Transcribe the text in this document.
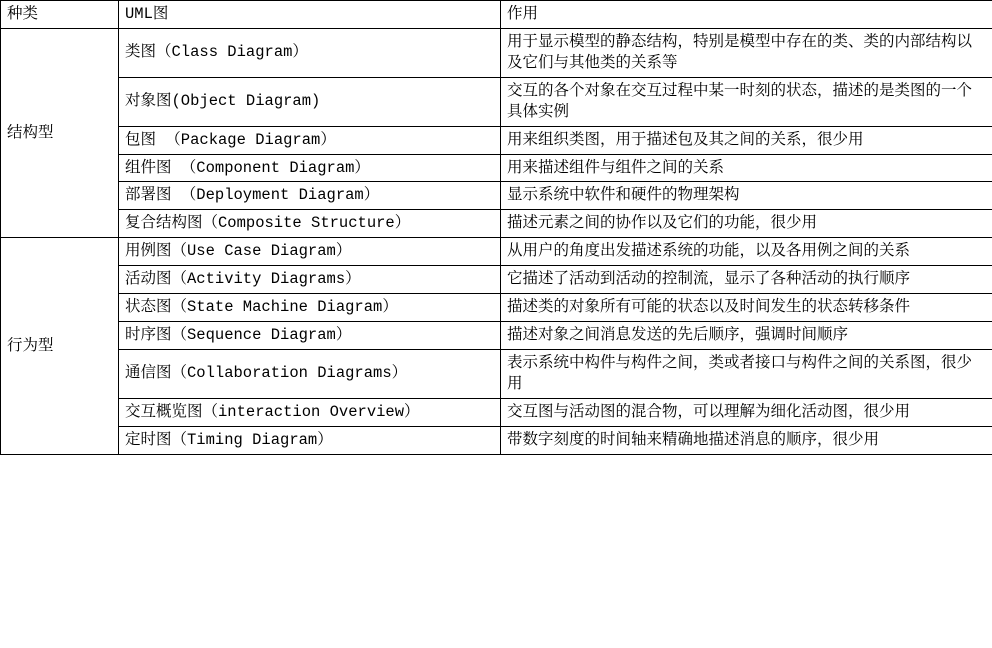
种类	UML图	作用

结构型	类图（Class Diagram）	用于显示模型的静态结构，特别是模型中存在的类、类的内部结构以及它们与其他类的关系等
	对象图(Object Diagram)	交互的各个对象在交互过程中某一时刻的状态，描述的是类图的一个具体实例
	包图 （Package Diagram）	用来组织类图，用于描述包及其之间的关系，很少用
	组件图 （Component Diagram）	用来描述组件与组件之间的关系
	部署图 （Deployment Diagram）	显示系统中软件和硬件的物理架构
	复合结构图（Composite Structure）	描述元素之间的协作以及它们的功能，很少用

行为型	用例图（Use Case Diagram）	从用户的角度出发描述系统的功能，以及各用例之间的关系
	活动图（Activity Diagrams）	它描述了活动到活动的控制流，显示了各种活动的执行顺序
	状态图（State Machine Diagram）	描述类的对象所有可能的状态以及时间发生的状态转移条件
	时序图（Sequence Diagram）	描述对象之间消息发送的先后顺序，强调时间顺序
	通信图（Collaboration Diagrams）	表示系统中构件与构件之间，类或者接口与构件之间的关系图，很少用
	交互概览图（interaction Overview）	交互图与活动图的混合物，可以理解为细化活动图，很少用
	定时图（Timing Diagram）	带数字刻度的时间轴来精确地描述消息的顺序，很少用
